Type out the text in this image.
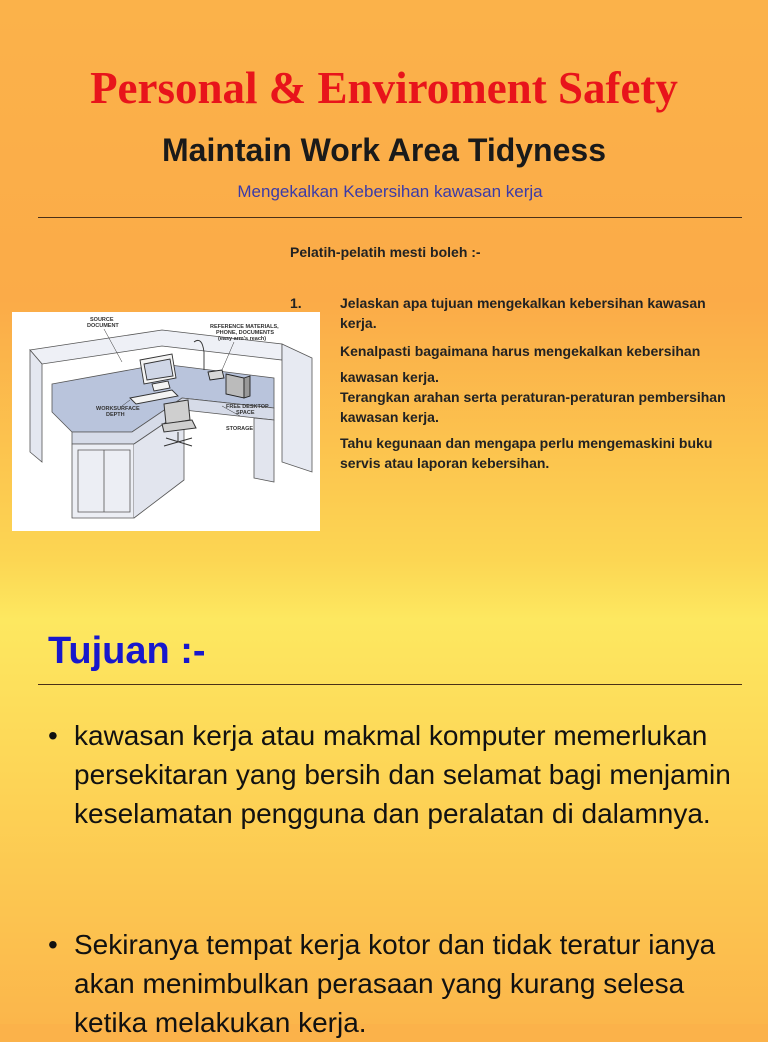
Personal & Enviroment Safety
Maintain Work Area Tidyness
Mengekalkan Kebersihan kawasan kerja
Pelatih-pelatih mesti boleh :-
1.	Jelaskan apa tujuan mengekalkan kebersihan kawasan kerja.
Kenalpasti bagaimana harus mengekalkan kebersihan kawasan kerja.
Terangkan arahan serta peraturan-peraturan pembersihan kawasan kerja.
Tahu kegunaan dan mengapa perlu mengemaskini buku servis atau laporan kebersihan.
SOURCE
DOCUMENT	REFERENCE MATERIALS,
PHONE, DOCUMENTS
(easy arm's reach)
WORKSURFACE
DEPTH
FREE DESKTOP
SPACE
STORAGE
Tujuan :-
• kawasan kerja atau makmal komputer memerlukan persekitaran yang bersih dan selamat bagi menjamin keselamatan pengguna dan peralatan di dalamnya.
• Sekiranya tempat kerja kotor dan tidak teratur ianya akan menimbulkan perasaan yang kurang selesa ketika melakukan kerja.
